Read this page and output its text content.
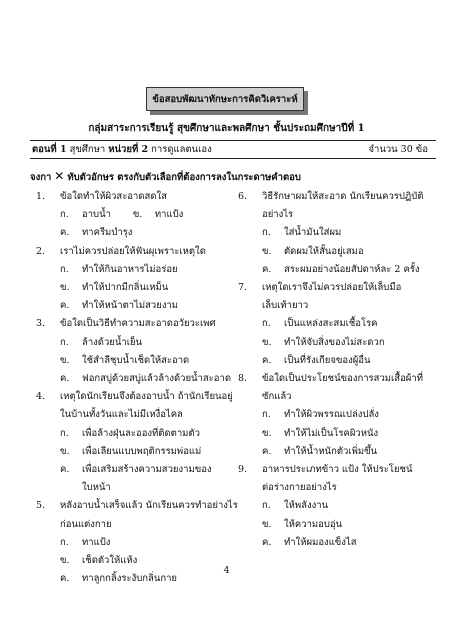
ข้อสอบพัฒนาทักษะการคิดวิเคราะห์
กลุ่มสาระการเรียนรู้ สุขศึกษาและพลศึกษา ชั้นประถมศึกษาปีที่ 1
ตอนที่ 1 สุขศึกษา หน่วยที่ 2 การดูแลตนเอง	จำนวน 30 ข้อ
จงกา ✕ ทับตัวอักษร ตรงกับตัวเลือกที่ต้องการลงในกระดาษคำตอบ
1.	ข้อใดทำให้ผิวสะอาดสดใส
ก.	อาบน้ำ ข.	ทาแป้ง
ค.	ทาครีมบำรุง
2.	เราไม่ควรปล่อยให้ฟันผุเพราะเหตุใด
ก.	ทำให้กินอาหารไม่อร่อย
ข.	ทำให้ปากมีกลิ่นเหม็น
ค.	ทำให้หน้าตาไม่สวยงาม
3.	ข้อใดเป็นวิธีทำความสะอาดอวัยวะเพศ
ก.	ล้างด้วยน้ำเย็น
ข.	ใช้สำลีชุบน้ำเช็ดให้สะอาด
ค.	ฟอกสบู่ด้วยสบู่แล้วล้างด้วยน้ำสะอาด
4.	เหตุใดนักเรียนจึงต้องอาบน้ำ ถ้านักเรียนอยู่
ในบ้านทั้งวันและไม่มีเหงื่อไคล
ก.	เพื่อล้างฝุ่นละอองที่ติดตามตัว
ข.	เพื่อเลียนแบบพฤติกรรมพ่อแม่
ค.	เพื่อเสริมสร้างความสวยงามของ
ใบหน้า
5.	หลังอาบน้ำเสร็จแล้ว นักเรียนควรทำอย่างไร
ก่อนแต่งกาย
ก.	ทาแป้ง
ข.	เช็ดตัวให้แห้ง
ค.	ทาลูกกลิ้งระงับกลิ่นกาย
6.	วิธีรักษาผมให้สะอาด นักเรียนควรปฏิบัติ
อย่างไร
ก.	ใส่น้ำมันใส่ผม
ข.	ตัดผมให้สั้นอยู่เสมอ
ค.	สระผมอย่างน้อยสัปดาห์ละ 2 ครั้ง
7.	เหตุใดเราจึงไม่ควรปล่อยให้เล็บมือ
เล็บเท้ายาว
ก.	เป็นแหล่งสะสมเชื้อโรค
ข.	ทำให้จับสิ่งของไม่สะดวก
ค.	เป็นที่รังเกียจของผู้อื่น
8.	ข้อใดเป็นประโยชน์ของการสวมเสื้อผ้าที่
ซักแล้ว
ก.	ทำให้ผิวพรรณเปล่งปลั่ง
ข.	ทำให้ไม่เป็นโรคผิวหนัง
ค.	ทำให้น้ำหนักตัวเพิ่มขึ้น
9.	อาหารประเภทข้าว แป้ง ให้ประโยชน์
ต่อร่างกายอย่างไร
ก.	ให้พลังงาน
ข.	ให้ความอบอุ่น
ค.	ทำให้ผมองแข็งไส
4
